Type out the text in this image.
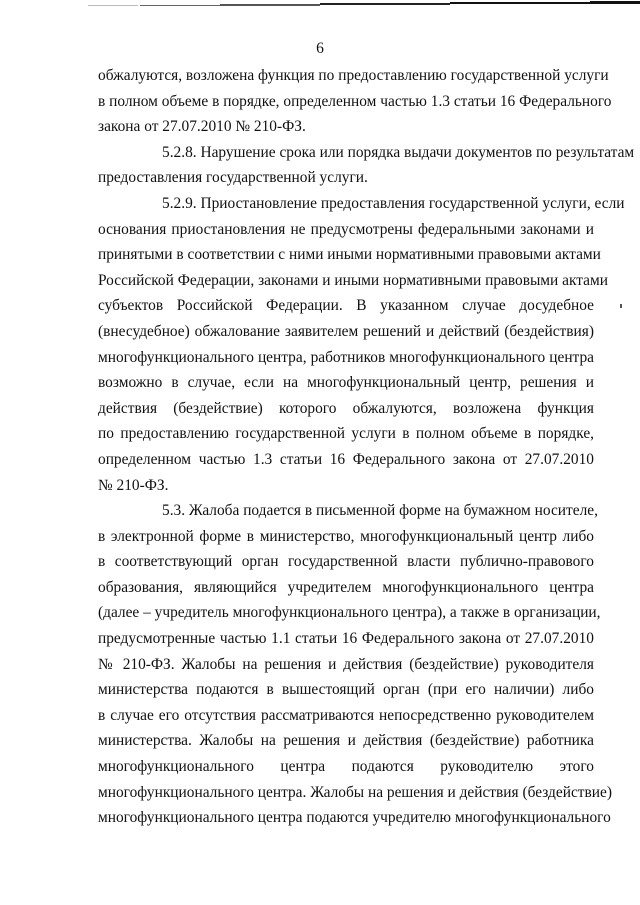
6
обжалуются, возложена функция по предоставлению государственной услуги
в полном объеме в порядке, определенном частью 1.3 статьи 16 Федерального
закона от 27.07.2010 № 210-ФЗ.
5.2.8. Нарушение срока или порядка выдачи документов по результатам
предоставления государственной услуги.
5.2.9. Приостановление предоставления государственной услуги, если
основания приостановления не предусмотрены федеральными законами и
принятыми в соответствии с ними иными нормативными правовыми актами
Российской Федерации, законами и иными нормативными правовыми актами
субъектов Российской Федерации. В указанном случае досудебное
(внесудебное) обжалование заявителем решений и действий (бездействия)
многофункционального центра, работников многофункционального центра
возможно в случае, если на многофункциональный центр, решения и
действия (бездействие) которого обжалуются, возложена функция
по предоставлению государственной услуги в полном объеме в порядке,
определенном частью 1.3 статьи 16 Федерального закона от 27.07.2010
№ 210-ФЗ.
5.3. Жалоба подается в письменной форме на бумажном носителе,
в электронной форме в министерство, многофункциональный центр либо
в соответствующий орган государственной власти публично-правового
образования, являющийся учредителем многофункционального центра
(далее – учредитель многофункционального центра), а также в организации,
предусмотренные частью 1.1 статьи 16 Федерального закона от 27.07.2010
№ 210-ФЗ. Жалобы на решения и действия (бездействие) руководителя
министерства подаются в вышестоящий орган (при его наличии) либо
в случае его отсутствия рассматриваются непосредственно руководителем
министерства. Жалобы на решения и действия (бездействие) работника
многофункционального центра подаются руководителю этого
многофункционального центра. Жалобы на решения и действия (бездействие)
многофункционального центра подаются учредителю многофункционального
